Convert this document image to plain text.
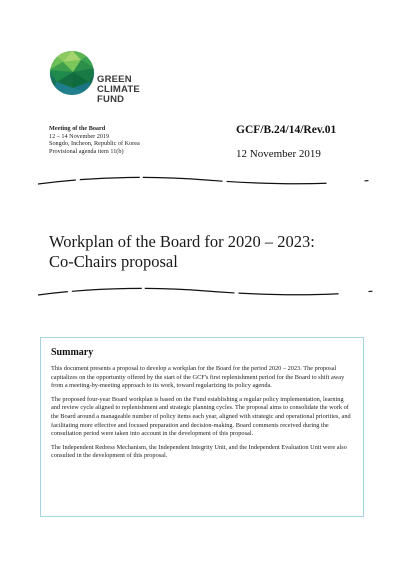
GREEN
CLIMATE
FUND
Meeting of the Board
12 – 14 November 2019
Songdo, Incheon, Republic of Korea
Provisional agenda item 11(b)
GCF/B.24/14/Rev.01
12 November 2019
Workplan of the Board for 2020 – 2023:
Co-Chairs proposal
Summary

This document presents a proposal to develop a workplan for the Board for the period 2020 – 2023. The proposal capitalizes on the opportunity offered by the start of the GCF's first replenishment period for the Board to shift away from a meeting-by-meeting approach to its work, toward regularizing its policy agenda.

The proposed four-year Board workplan is based on the Fund establishing a regular policy implementation, learning and review cycle aligned to replenishment and strategic planning cycles. The proposal aims to consolidate the work of the Board around a manageable number of policy items each year, aligned with strategic and operational priorities, and facilitating more effective and focused preparation and decision-making. Board comments received during the consultation period were taken into account in the development of this proposal.

The Independent Redress Mechanism, the Independent Integrity Unit, and the Independent Evaluation Unit were also consulted in the development of this proposal.
